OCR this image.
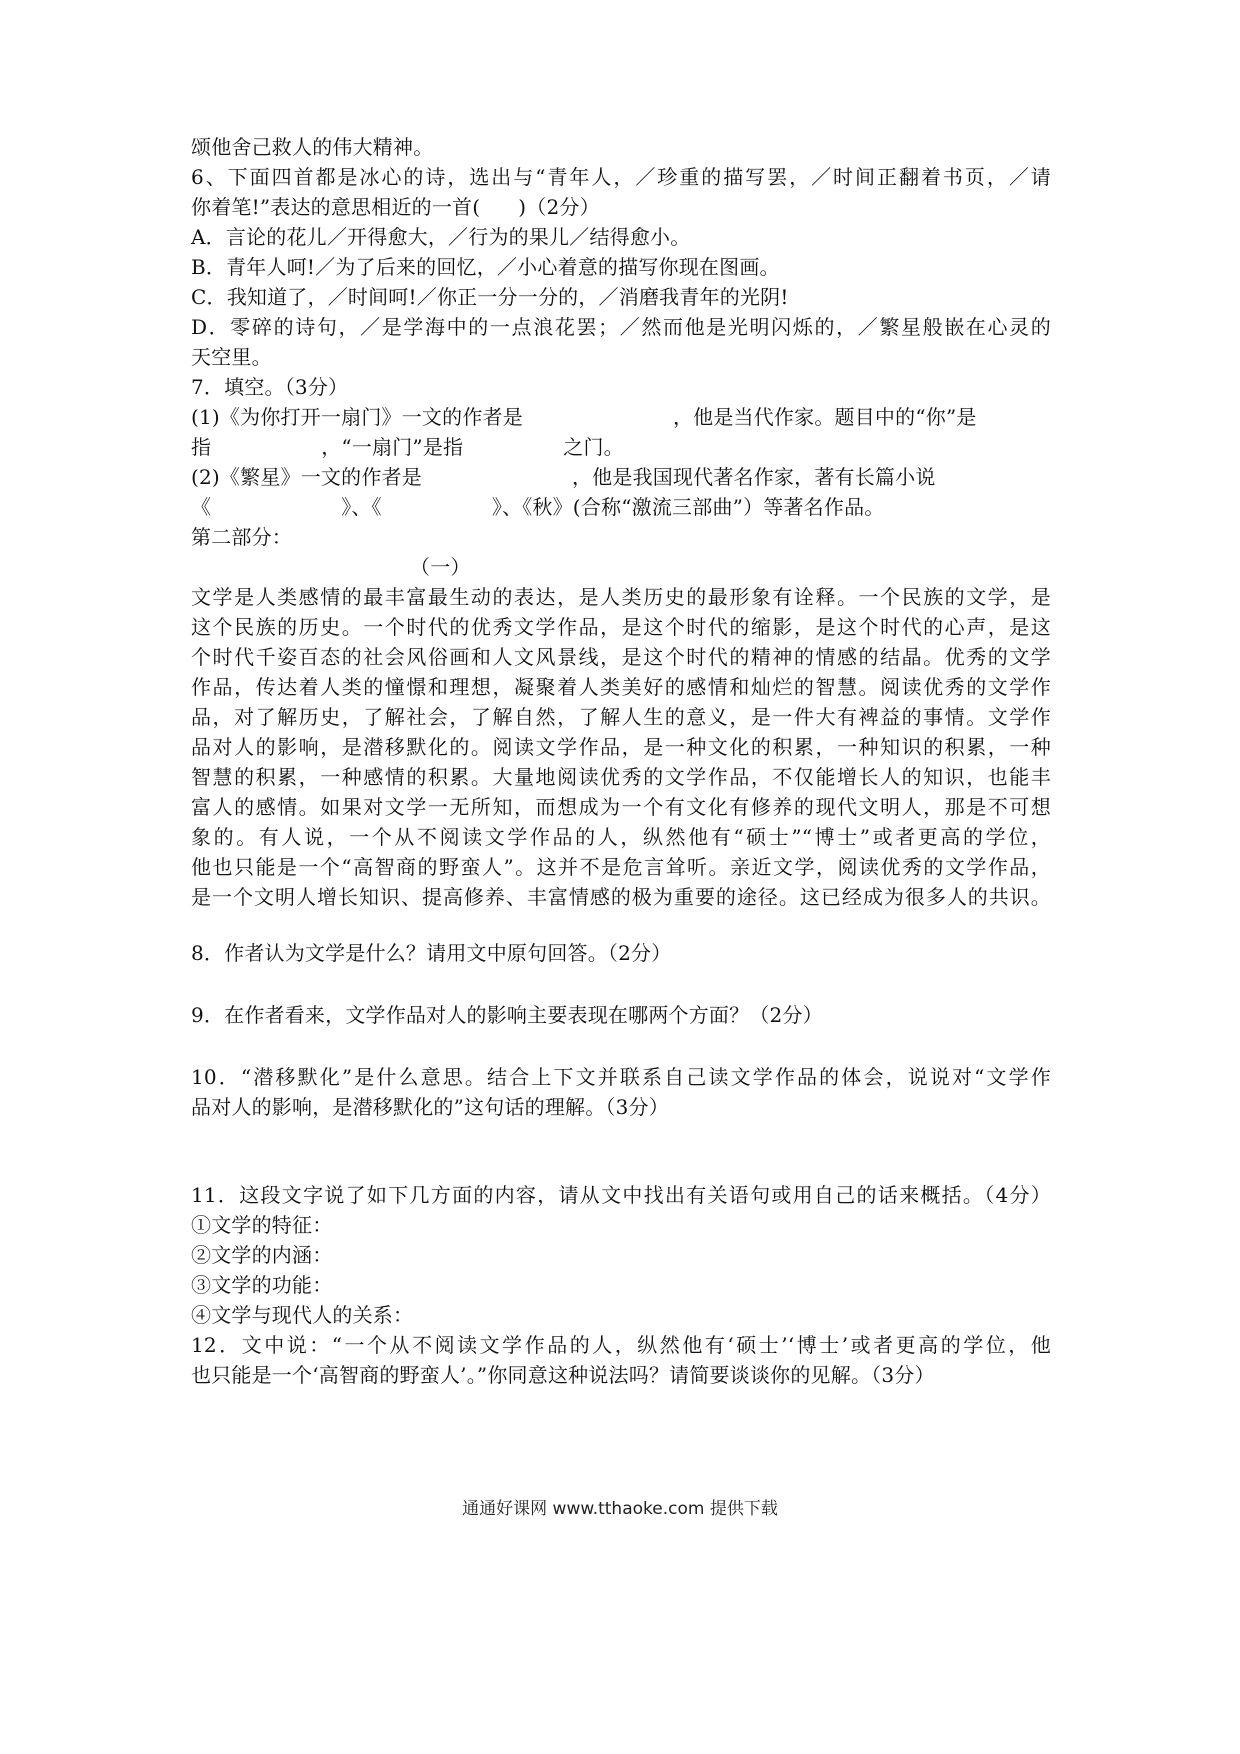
颂他舍己救人的伟大精神。
6、下面四首都是冰心的诗，选出与“青年人，／珍重的描写罢，／时间正翻着书页，／请
你着笔!”表达的意思相近的一首( )（2分）
A．言论的花儿／开得愈大，／行为的果儿／结得愈小。
B．青年人呵!／为了后来的回忆，／小心着意的描写你现在图画。
C．我知道了，／时间呵!／你正一分一分的，／消磨我青年的光阴!
D．零碎的诗句，／是学海中的一点浪花罢；／然而他是光明闪烁的，／繁星般嵌在心灵的
天空里。
7．填空。（3分）
(1)《为你打开一扇门》一文的作者是	，他是当代作家。题目中的“你”是
指	，“一扇门”是指	之门。
(2)《繁星》一文的作者是	，他是我国现代著名作家，著有长篇小说
《	》、《	》、《秋》(合称“激流三部曲”）等著名作品。
第二部分：
（一）
文学是人类感情的最丰富最生动的表达，是人类历史的最形象有诠释。一个民族的文学，是
这个民族的历史。一个时代的优秀文学作品，是这个时代的缩影，是这个时代的心声，是这
个时代千姿百态的社会风俗画和人文风景线，是这个时代的精神的情感的结晶。优秀的文学
作品，传达着人类的憧憬和理想，凝聚着人类美好的感情和灿烂的智慧。阅读优秀的文学作
品，对了解历史，了解社会，了解自然，了解人生的意义，是一件大有裨益的事情。文学作
品对人的影响，是潜移默化的。阅读文学作品，是一种文化的积累，一种知识的积累，一种
智慧的积累，一种感情的积累。大量地阅读优秀的文学作品，不仅能增长人的知识，也能丰
富人的感情。如果对文学一无所知，而想成为一个有文化有修养的现代文明人，那是不可想
象的。有人说，一个从不阅读文学作品的人，纵然他有“硕士”“博士”或者更高的学位，
他也只能是一个“高智商的野蛮人”。这并不是危言耸听。亲近文学，阅读优秀的文学作品，
是一个文明人增长知识、提高修养、丰富情感的极为重要的途径。这已经成为很多人的共识。
8．作者认为文学是什么？请用文中原句回答。（2分）
9．在作者看来，文学作品对人的影响主要表现在哪两个方面？（2分）
10．“潜移默化”是什么意思。结合上下文并联系自己读文学作品的体会，说说对“文学作
品对人的影响，是潜移默化的”这句话的理解。（3分）
11．这段文字说了如下几方面的内容，请从文中找出有关语句或用自己的话来概括。（4分）
①文学的特征：
②文学的内涵：
③文学的功能：
④文学与现代人的关系：
12．文中说：“一个从不阅读文学作品的人，纵然他有‘硕士’‘博士’或者更高的学位，他
也只能是一个‘高智商的野蛮人’。”你同意这种说法吗？请简要谈谈你的见解。（3分）
通通好课网 www.tthaoke.com 提供下载
